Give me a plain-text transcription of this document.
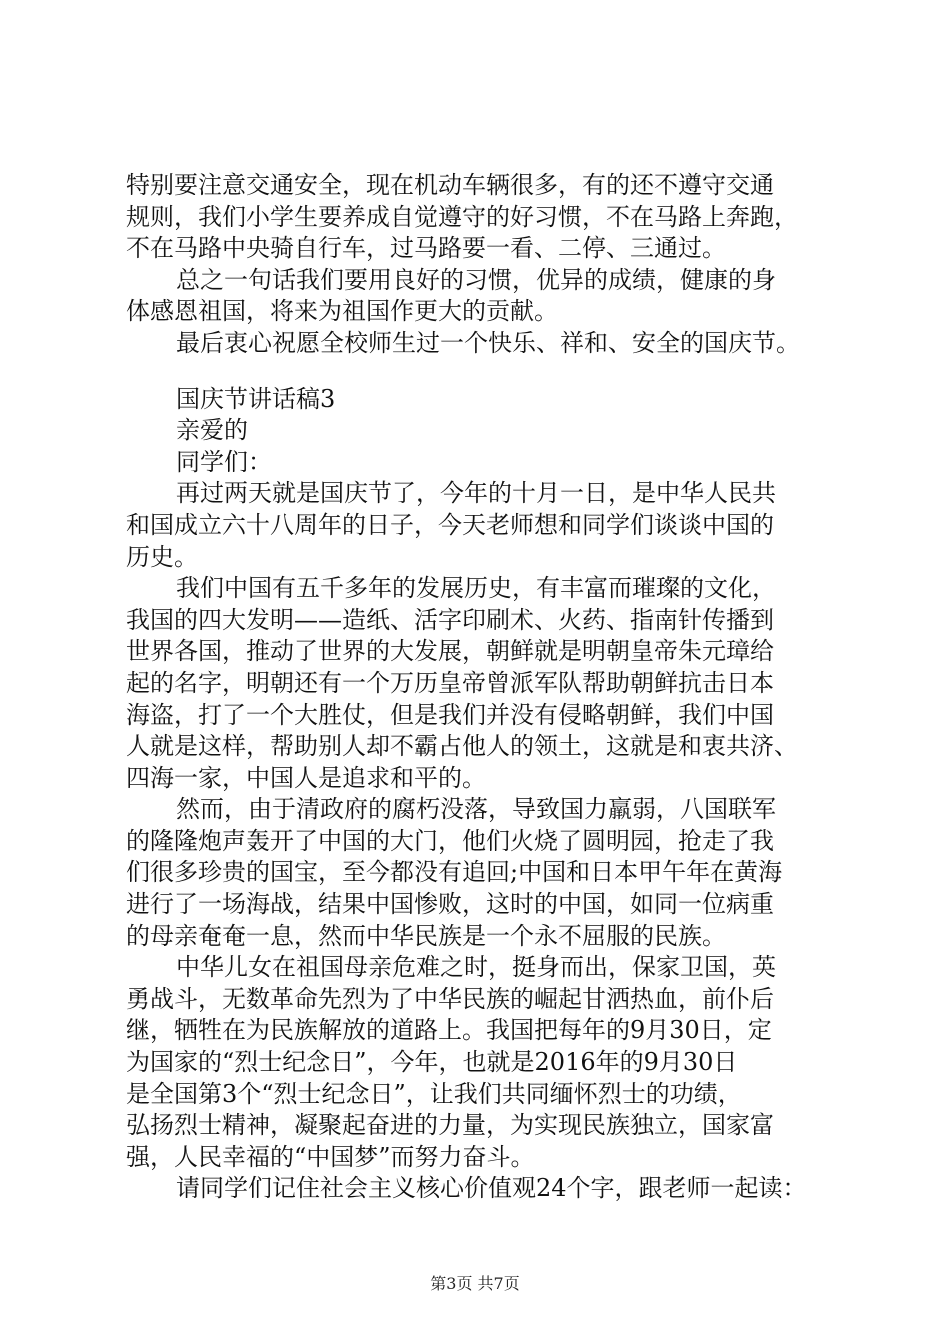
特别要注意交通安全，现在机动车辆很多，有的还不遵守交通
规则，我们小学生要养成自觉遵守的好习惯，不在马路上奔跑，
不在马路中央骑自行车，过马路要一看、二停、三通过。
总之一句话我们要用良好的习惯，优异的成绩，健康的身
体感恩祖国，将来为祖国作更大的贡献。
最后衷心祝愿全校师生过一个快乐、祥和、安全的国庆节。
国庆节讲话稿3
亲爱的
同学们：
再过两天就是国庆节了，今年的十月一日，是中华人民共
和国成立六十八周年的日子，今天老师想和同学们谈谈中国的
历史。
我们中国有五千多年的发展历史，有丰富而璀璨的文化，
我国的四大发明——造纸、活字印刷术、火药、指南针传播到
世界各国，推动了世界的大发展，朝鲜就是明朝皇帝朱元璋给
起的名字，明朝还有一个万历皇帝曾派军队帮助朝鲜抗击日本
海盗，打了一个大胜仗，但是我们并没有侵略朝鲜，我们中国
人就是这样，帮助别人却不霸占他人的领土，这就是和衷共济、
四海一家，中国人是追求和平的。
然而，由于清政府的腐朽没落，导致国力羸弱，八国联军
的隆隆炮声轰开了中国的大门，他们火烧了圆明园，抢走了我
们很多珍贵的国宝，至今都没有追回;中国和日本甲午年在黄海
进行了一场海战，结果中国惨败，这时的中国，如同一位病重
的母亲奄奄一息，然而中华民族是一个永不屈服的民族。
中华儿女在祖国母亲危难之时，挺身而出，保家卫国，英
勇战斗，无数革命先烈为了中华民族的崛起甘洒热血，前仆后
继，牺牲在为民族解放的道路上。我国把每年的9月30日，定
为国家的“烈士纪念日”，今年，也就是2016年的9月30日
是全国第3个“烈士纪念日”，让我们共同缅怀烈士的功绩，
弘扬烈士精神，凝聚起奋进的力量，为实现民族独立，国家富
强，人民幸福的“中国梦”而努力奋斗。
请同学们记住社会主义核心价值观24个字，跟老师一起读：
第3页 共7页
